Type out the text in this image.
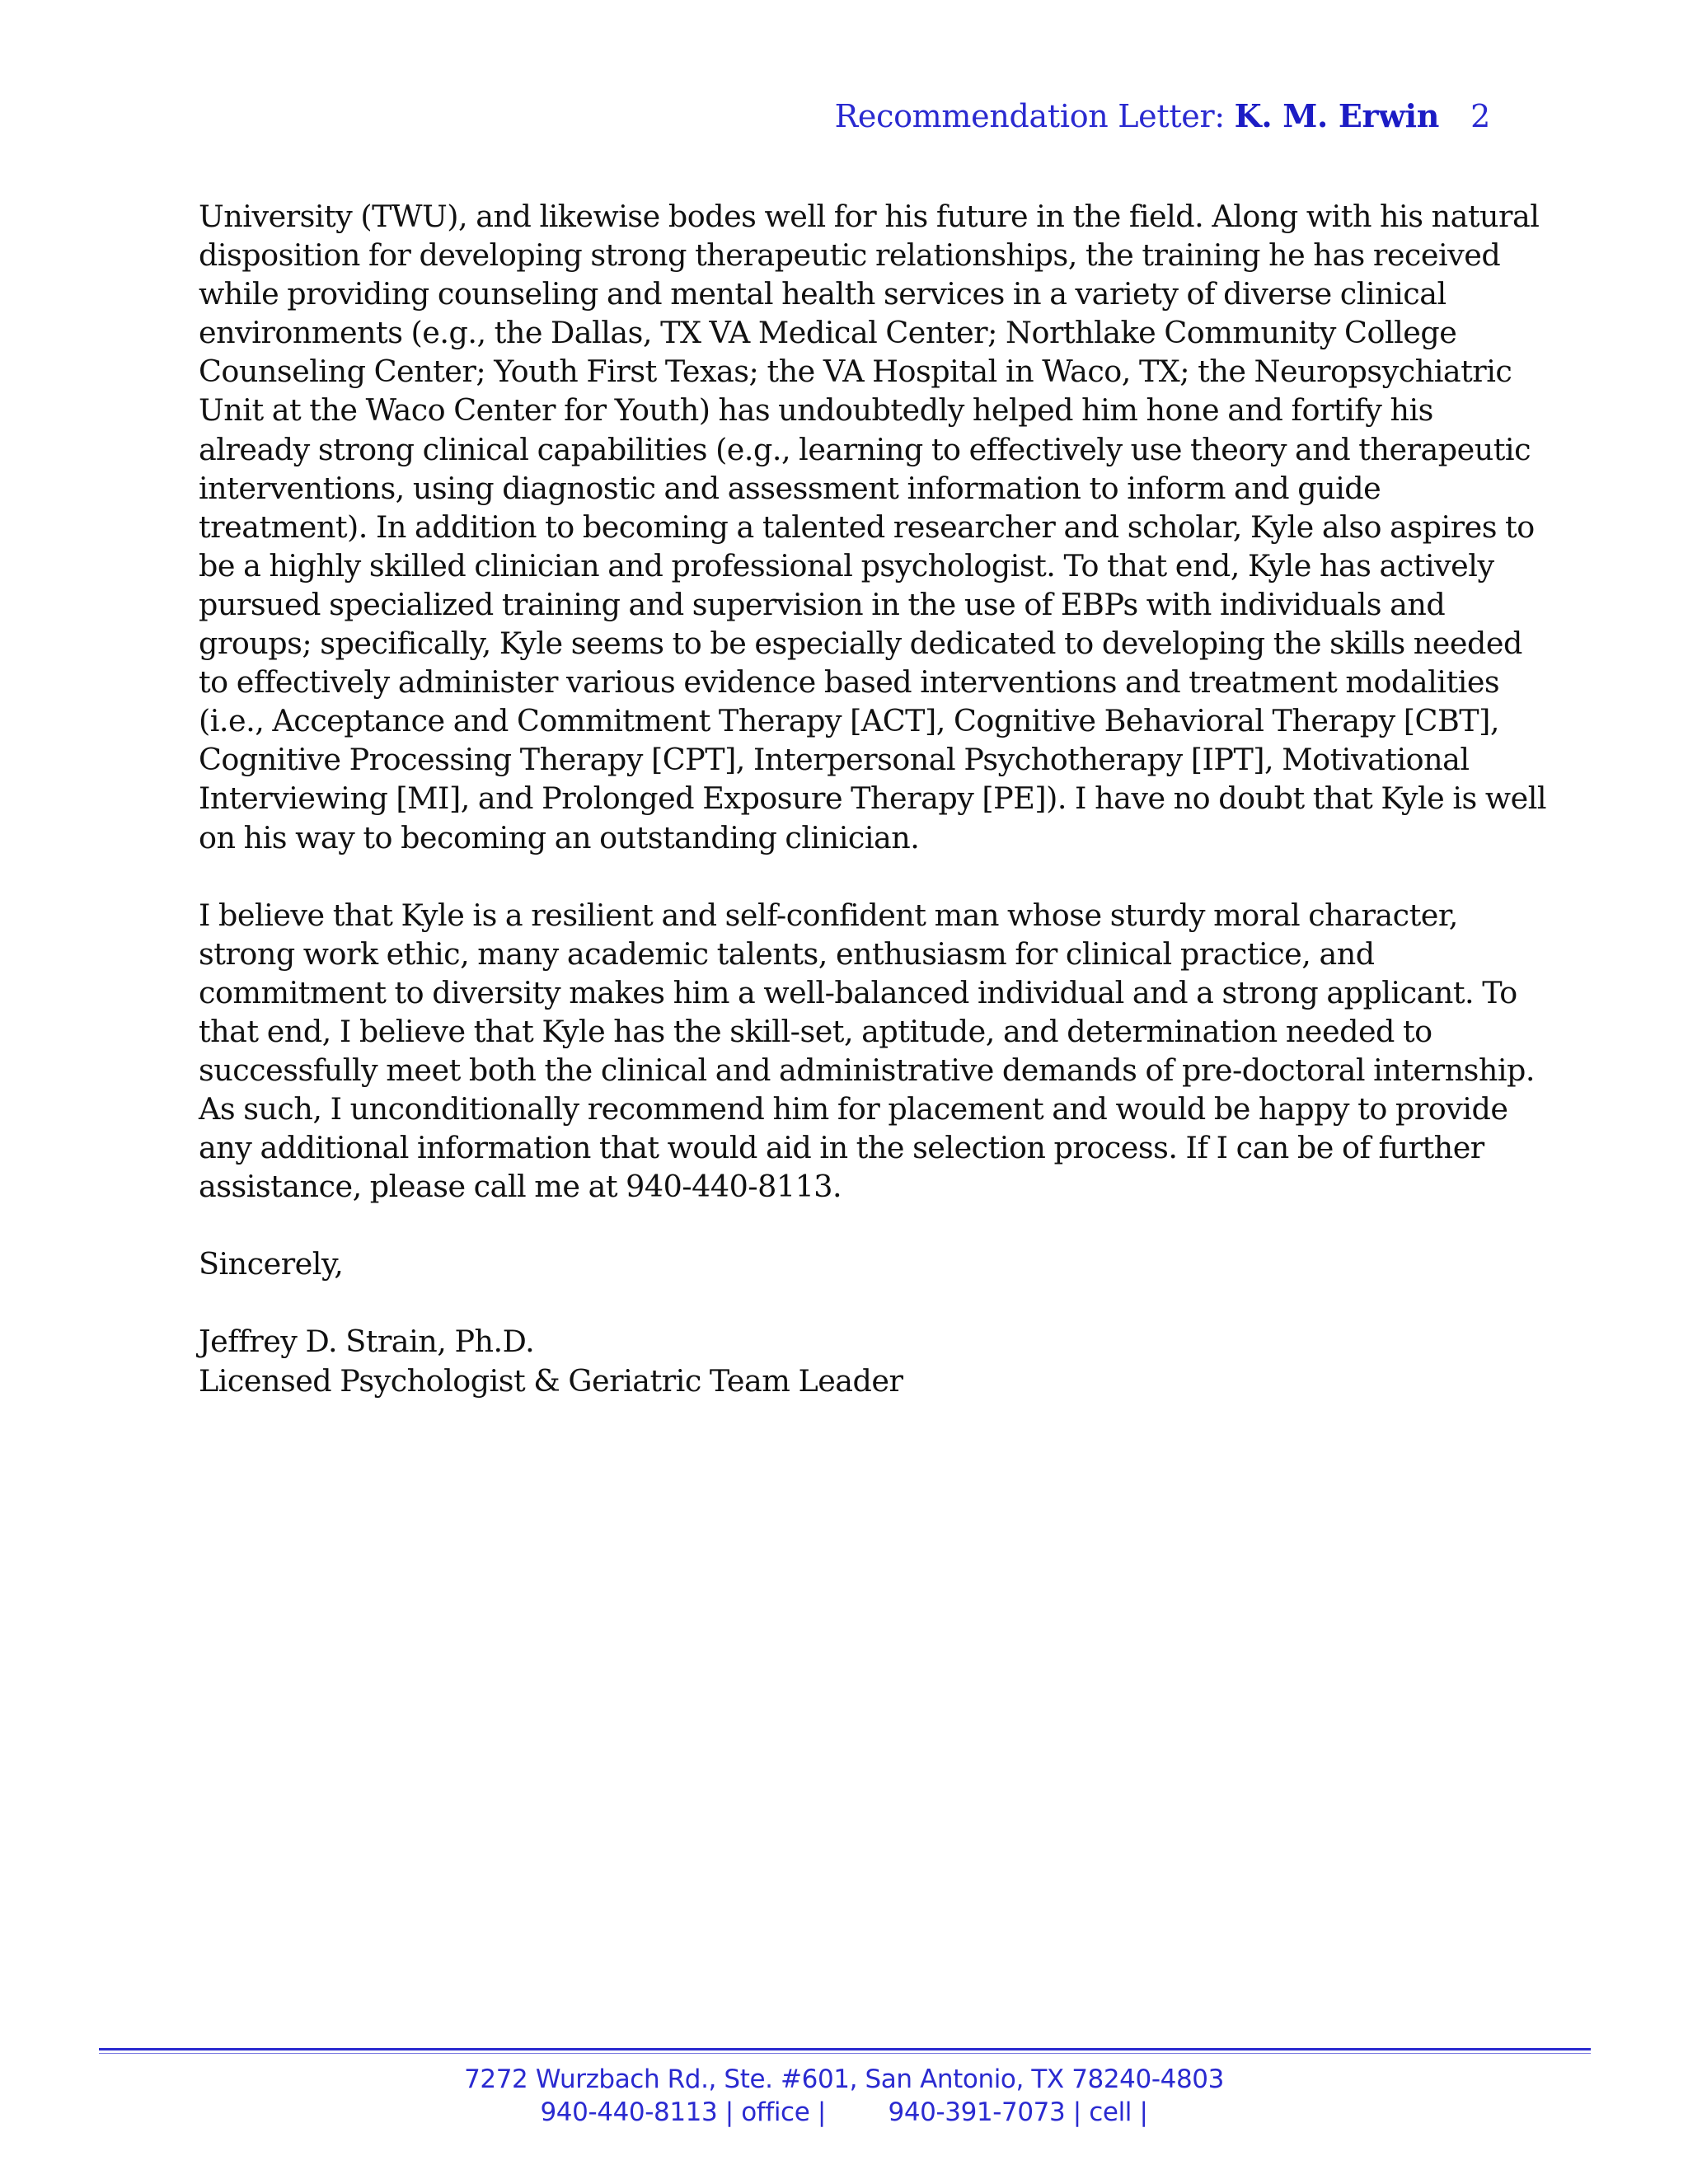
Recommendation Letter: K. M. Erwin 2

University (TWU), and likewise bodes well for his future in the field. Along with his natural
disposition for developing strong therapeutic relationships, the training he has received
while providing counseling and mental health services in a variety of diverse clinical
environments (e.g., the Dallas, TX VA Medical Center; Northlake Community College
Counseling Center; Youth First Texas; the VA Hospital in Waco, TX; the Neuropsychiatric
Unit at the Waco Center for Youth) has undoubtedly helped him hone and fortify his
already strong clinical capabilities (e.g., learning to effectively use theory and therapeutic
interventions, using diagnostic and assessment information to inform and guide
treatment). In addition to becoming a talented researcher and scholar, Kyle also aspires to
be a highly skilled clinician and professional psychologist. To that end, Kyle has actively
pursued specialized training and supervision in the use of EBPs with individuals and
groups; specifically, Kyle seems to be especially dedicated to developing the skills needed
to effectively administer various evidence based interventions and treatment modalities
(i.e., Acceptance and Commitment Therapy [ACT], Cognitive Behavioral Therapy [CBT],
Cognitive Processing Therapy [CPT], Interpersonal Psychotherapy [IPT], Motivational
Interviewing [MI], and Prolonged Exposure Therapy [PE]). I have no doubt that Kyle is well
on his way to becoming an outstanding clinician.

I believe that Kyle is a resilient and self-confident man whose sturdy moral character,
strong work ethic, many academic talents, enthusiasm for clinical practice, and
commitment to diversity makes him a well-balanced individual and a strong applicant. To
that end, I believe that Kyle has the skill-set, aptitude, and determination needed to
successfully meet both the clinical and administrative demands of pre-doctoral internship.
As such, I unconditionally recommend him for placement and would be happy to provide
any additional information that would aid in the selection process. If I can be of further
assistance, please call me at 940-440-8113.

Sincerely,
Jeffrey D. Strain, Ph.D.
Licensed Psychologist & Geriatric Team Leader
7272 Wurzbach Rd., Ste. #601, San Antonio, TX 78240-4803
940-440-8113 | office |        940-391-7073 | cell |
